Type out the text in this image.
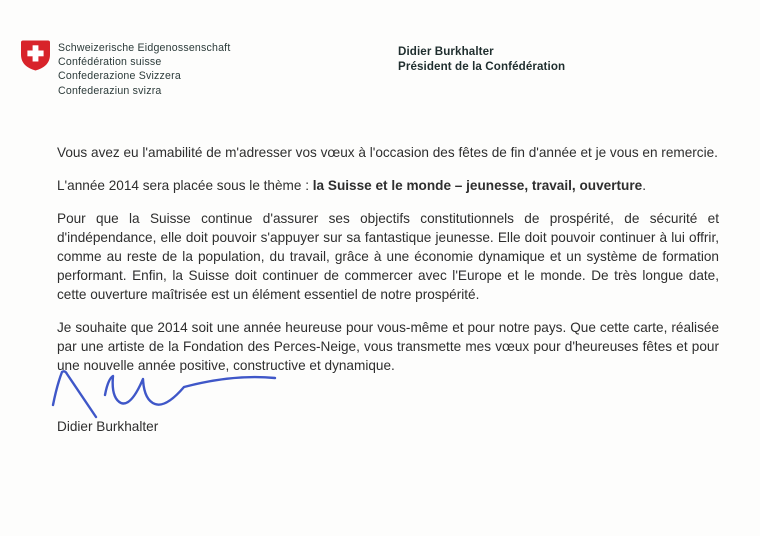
Schweizerische Eidgenossenschaft
Confédération suisse
Confederazione Svizzera
Confederaziun svizra
Didier Burkhalter
Président de la Confédération

Vous avez eu l'amabilité de m'adresser vos vœux à l'occasion des fêtes de fin d'année et je vous en remercie.

L'année 2014 sera placée sous le thème : la Suisse et le monde – jeunesse, travail, ouverture.

Pour que la Suisse continue d'assurer ses objectifs constitutionnels de prospérité, de sécurité et d'indépendance, elle doit pouvoir s'appuyer sur sa fantastique jeunesse. Elle doit pouvoir continuer à lui offrir, comme au reste de la population, du travail, grâce à une économie dynamique et un système de formation performant. Enfin, la Suisse doit continuer de commercer avec l'Europe et le monde. De très longue date, cette ouverture maîtrisée est un élément essentiel de notre prospérité.

Je souhaite que 2014 soit une année heureuse pour vous-même et pour notre pays. Que cette carte, réalisée par une artiste de la Fondation des Perces-Neige, vous transmette mes vœux pour d'heureuses fêtes et pour une nouvelle année positive, constructive et dynamique.

Didier Burkhalter
